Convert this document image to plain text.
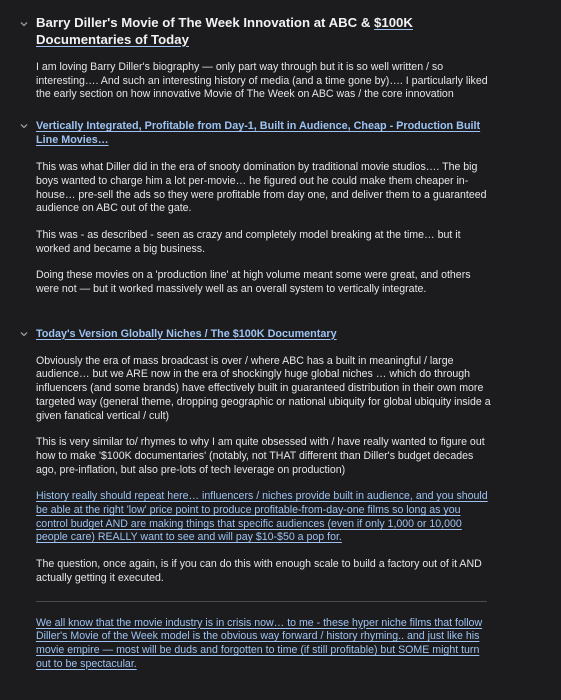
Barry Diller's Movie of The Week Innovation at ABC & $100K Documentaries of Today

I am loving Barry Diller's biography — only part way through but it is so well written / so interesting…. And such an interesting history of media (and a time gone by)…. I particularly liked the early section on how innovative Movie of The Week on ABC was / the core innovation

Vertically Integrated, Profitable from Day-1, Built in Audience, Cheap - Production Built Line Movies…

This was what Diller did in the era of snooty domination by traditional movie studios…. The big boys wanted to charge him a lot per-movie… he figured out he could make them cheaper in-house… pre-sell the ads so they were profitable from day one, and deliver them to a guaranteed audience on ABC out of the gate.

This was - as described - seen as crazy and completely model breaking at the time… but it worked and became a big business.

Doing these movies on a 'production line' at high volume meant some were great, and others were not — but it worked massively well as an overall system to vertically integrate.

Today's Version Globally Niches / The $100K Documentary

Obviously the era of mass broadcast is over / where ABC has a built in meaningful / large audience… but we ARE now in the era of shockingly huge global niches … which do through influencers (and some brands) have effectively built in guaranteed distribution in their own more targeted way (general theme, dropping geographic or national ubiquity for global ubiquity inside a given fanatical vertical / cult)

This is very similar to/ rhymes to why I am quite obsessed with / have really wanted to figure out how to make '$100K documentaries' (notably, not THAT different than Diller's budget decades ago, pre-inflation, but also pre-lots of tech leverage on production)

History really should repeat here… influencers / niches provide built in audience, and you should be able at the right 'low' price point to produce profitable-from-day-one films so long as you control budget AND are making things that specific audiences (even if only 1,000 or 10,000 people care) REALLY want to see and will pay $10-$50 a pop for.

The question, once again, is if you can do this with enough scale to build a factory out of it AND actually getting it executed.

We all know that the movie industry is in crisis now… to me - these hyper niche films that follow Diller's Movie of the Week model is the obvious way forward / history rhyming.. and just like his movie empire — most will be duds and forgotten to time (if still profitable) but SOME might turn out to be spectacular.
